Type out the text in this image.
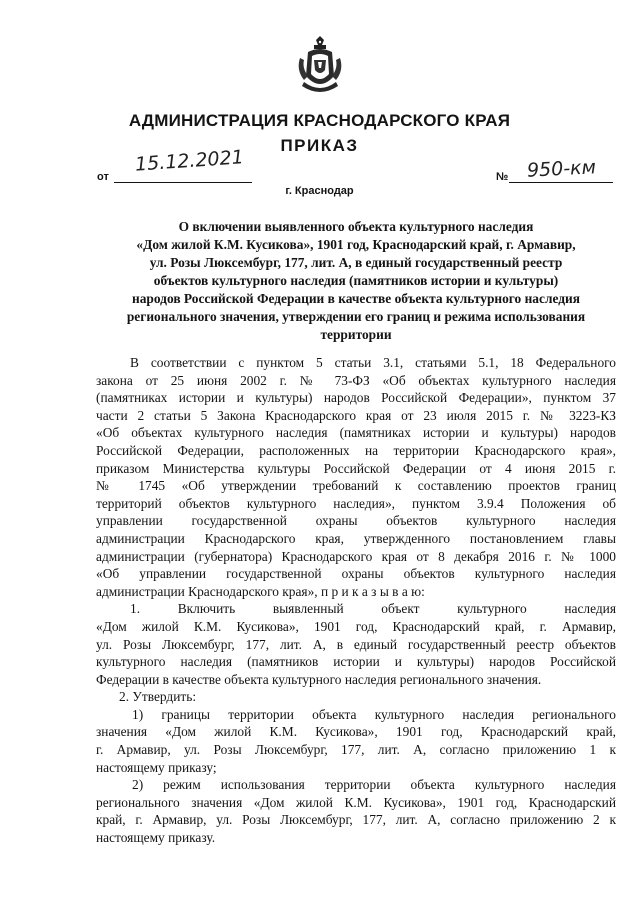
АДМИНИСТРАЦИЯ КРАСНОДАРСКОГО КРАЯ
ПРИКАЗ
от
15.12.2021
№ 950-км
г. Краснодар
О включении выявленного объекта культурного наследия
«Дом жилой К.М. Кусикова», 1901 год, Краснодарский край, г. Армавир,
ул. Розы Люксембург, 177, лит. А, в единый государственный реестр
объектов культурного наследия (памятников истории и культуры)
народов Российской Федерации в качестве объекта культурного наследия
регионального значения, утверждении его границ и режима использования
территории
В соответствии с пунктом 5 статьи 3.1, статьями 5.1, 18 Федерального
закона от 25 июня 2002 г. № 73-ФЗ «Об объектах культурного наследия
(памятниках истории и культуры) народов Российской Федерации», пунктом 37
части 2 статьи 5 Закона Краснодарского края от 23 июля 2015 г. № 3223-КЗ
«Об объектах культурного наследия (памятниках истории и культуры) народов
Российской Федерации, расположенных на территории Краснодарского края»,
приказом Министерства культуры Российской Федерации от 4 июня 2015 г.
№ 1745 «Об утверждении требований к составлению проектов границ
территорий объектов культурного наследия», пунктом 3.9.4 Положения об
управлении государственной охраны объектов культурного наследия
администрации Краснодарского края, утвержденного постановлением главы
администрации (губернатора) Краснодарского края от 8 декабря 2016 г. № 1000
«Об управлении государственной охраны объектов культурного наследия
администрации Краснодарского края», п р и к а з ы в а ю:
1. Включить выявленный объект культурного наследия
«Дом жилой К.М. Кусикова», 1901 год, Краснодарский край, г. Армавир,
ул. Розы Люксембург, 177, лит. А, в единый государственный реестр объектов
культурного наследия (памятников истории и культуры) народов Российской
Федерации в качестве объекта культурного наследия регионального значения.
2. Утвердить:
1) границы территории объекта культурного наследия регионального
значения «Дом жилой К.М. Кусикова», 1901 год, Краснодарский край,
г. Армавир, ул. Розы Люксембург, 177, лит. А, согласно приложению 1 к
настоящему приказу;
2) режим использования территории объекта культурного наследия
регионального значения «Дом жилой К.М. Кусикова», 1901 год, Краснодарский
край, г. Армавир, ул. Розы Люксембург, 177, лит. А, согласно приложению 2 к
настоящему приказу.
